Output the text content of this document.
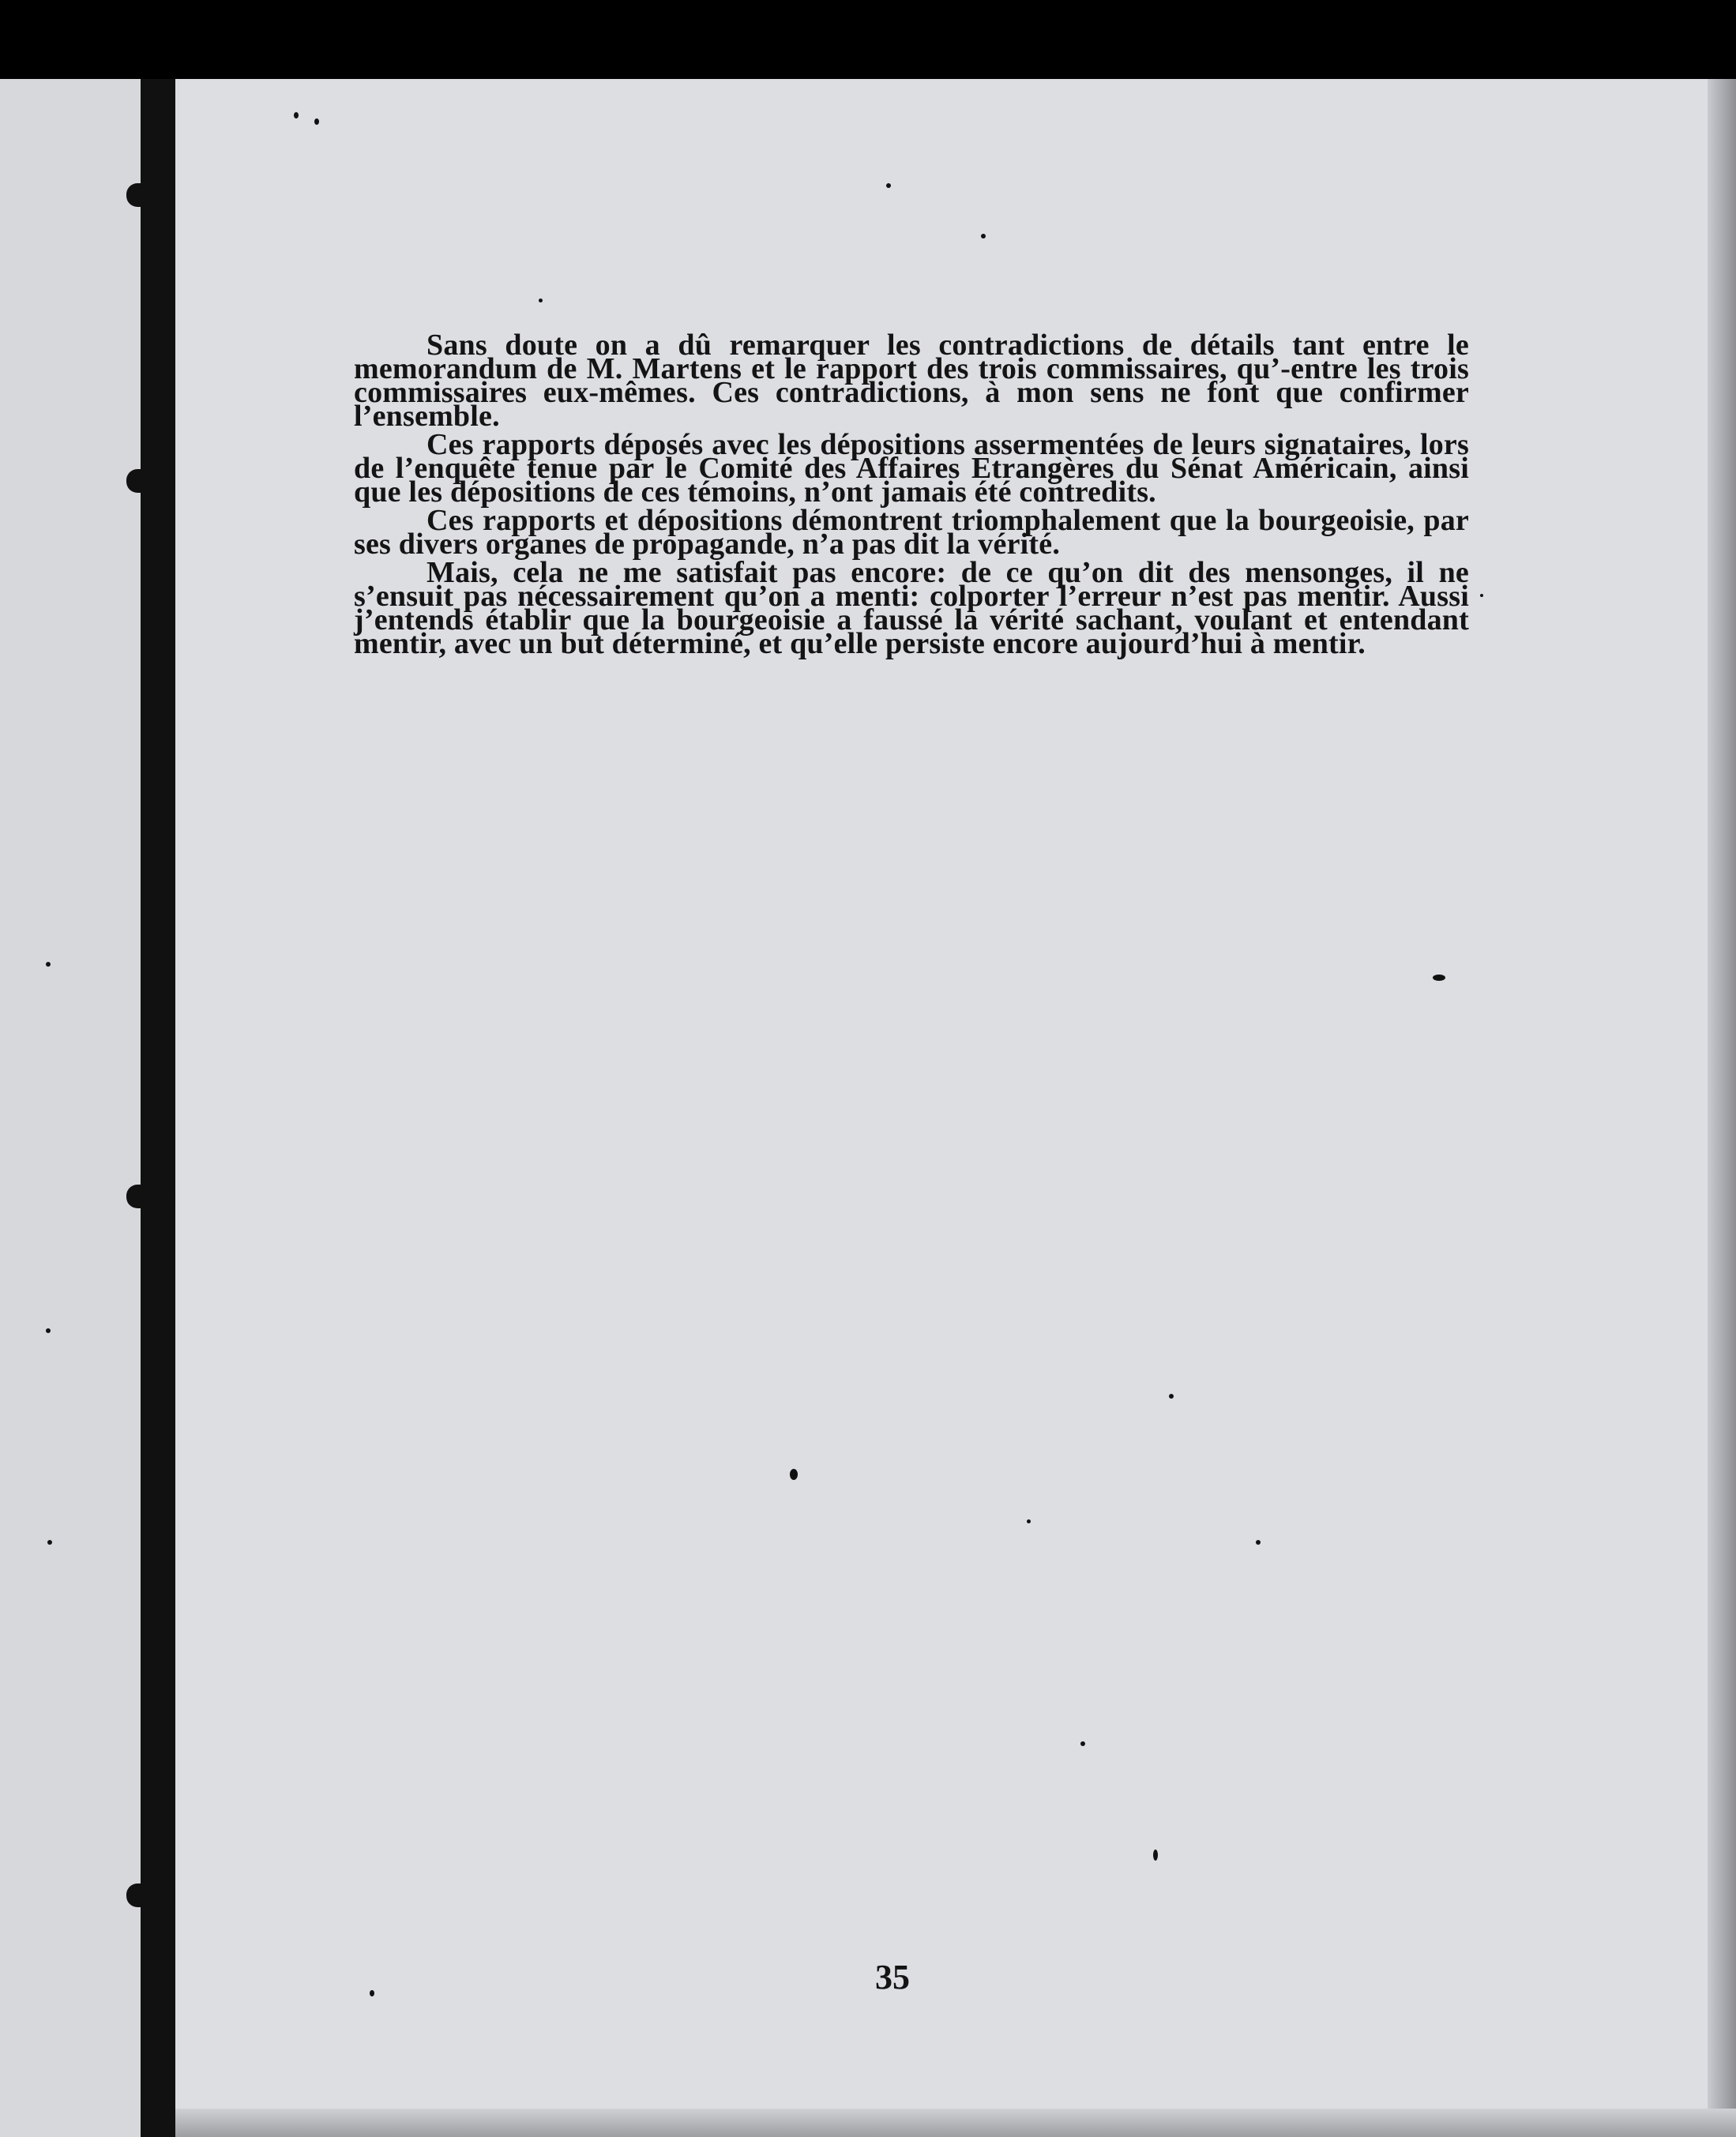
Sans doute on a dû remarquer les contradictions de détails tant entre le memorandum de M. Martens et le rapport des trois commissaires, qu’-entre les trois commissaires eux-mêmes. Ces contradictions, à mon sens ne font que confirmer l’ensemble.

Ces rapports déposés avec les dépositions assermentées de leurs signataires, lors de l’enquête tenue par le Comité des Affaires Etrangères du Sénat Américain, ainsi que les dépositions de ces témoins, n’ont jamais été contredits.

Ces rapports et dépositions démontrent triomphalement que la bourgeoisie, par ses divers organes de propagande, n’a pas dit la vérité.

Mais, cela ne me satisfait pas encore: de ce qu’on dit des mensonges, il ne s’ensuit pas nécessairement qu’on a menti: colporter l’erreur n’est pas mentir. Aussi j’entends établir que la bourgeoisie a faussé la vérité sachant, voulant et entendant mentir, avec un but déterminé, et qu’elle persiste encore aujourd’hui à mentir.

35
